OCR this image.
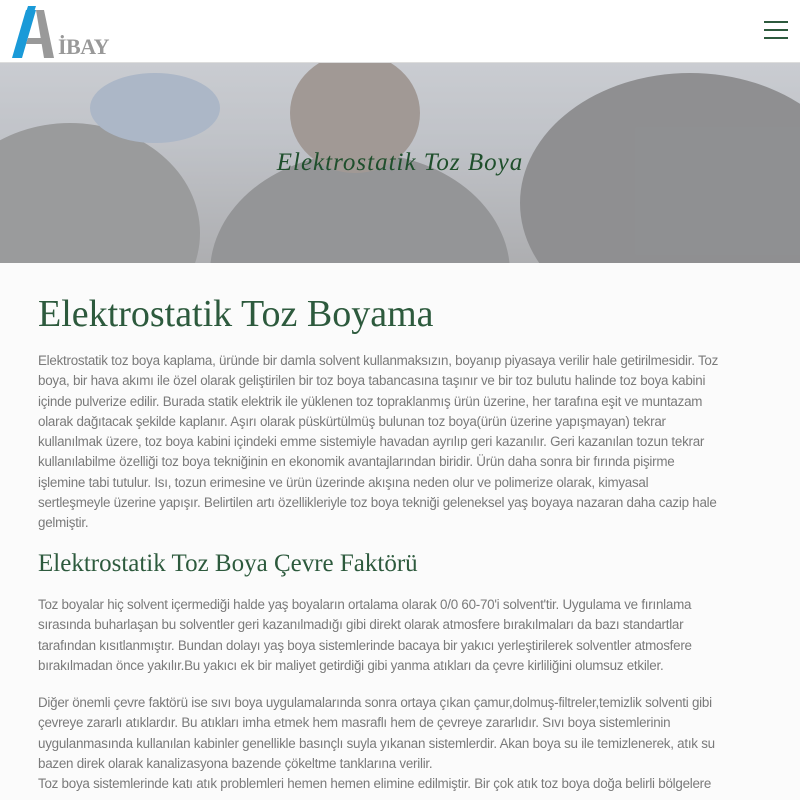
İBAY
Elektrostatik Toz Boya
Elektrostatik Toz Boyama
Elektrostatik toz boya kaplama, üründe bir damla solvent kullanmaksızın, boyanıp piyasaya verilir hale getirilmesidir. Toz
boya, bir hava akımı ile özel olarak geliştirilen bir toz boya tabancasına taşınır ve bir toz bulutu halinde toz boya kabini
içinde pulverize edilir. Burada statik elektrik ile yüklenen toz topraklanmış ürün üzerine, her tarafına eşit ve muntazam
olarak dağıtacak şekilde kaplanır. Aşırı olarak püskürtülmüş bulunan toz boya(ürün üzerine yapışmayan) tekrar
kullanılmak üzere, toz boya kabini içindeki emme sistemiyle havadan ayrılıp geri kazanılır. Geri kazanılan tozun tekrar
kullanılabilme özelliği toz boya tekniğinin en ekonomik avantajlarından biridir. Ürün daha sonra bir fırında pişirme
işlemine tabi tutulur. Isı, tozun erimesine ve ürün üzerinde akışına neden olur ve polimerize olarak, kimyasal
sertleşmeyle üzerine yapışır. Belirtilen artı özellikleriyle toz boya tekniği geleneksel yaş boyaya nazaran daha cazip hale
gelmiştir.
Elektrostatik Toz Boya Çevre Faktörü
Toz boyalar hiç solvent içermediği halde yaş boyaların ortalama olarak 0/0 60-70'i solvent'tir. Uygulama ve fırınlama
sırasında buharlaşan bu solventler geri kazanılmadığı gibi direkt olarak atmosfere bırakılmaları da bazı standartlar
tarafından kısıtlanmıştır. Bundan dolayı yaş boya sistemlerinde bacaya bir yakıcı yerleştirilerek solventler atmosfere
bırakılmadan önce yakılır.Bu yakıcı ek bir maliyet getirdiği gibi yanma atıkları da çevre kirliliğini olumsuz etkiler.
Diğer önemli çevre faktörü ise sıvı boya uygulamalarında sonra ortaya çıkan çamur,dolmuş-filtreler,temizlik solventi gibi
çevreye zararlı atıklardır. Bu atıkları imha etmek hem masraflı hem de çevreye zararlıdır. Sıvı boya sistemlerinin
uygulanmasında kullanılan kabinler genellikle basınçlı suyla yıkanan sistemlerdir. Akan boya su ile temizlenerek, atık su
bazen direk olarak kanalizasyona bazende çökeltme tanklarına verilir.
Toz boya sistemlerinde katı atık problemleri hemen hemen elimine edilmiştir. Bir çok atık toz boya doğa belirli bölgelere
